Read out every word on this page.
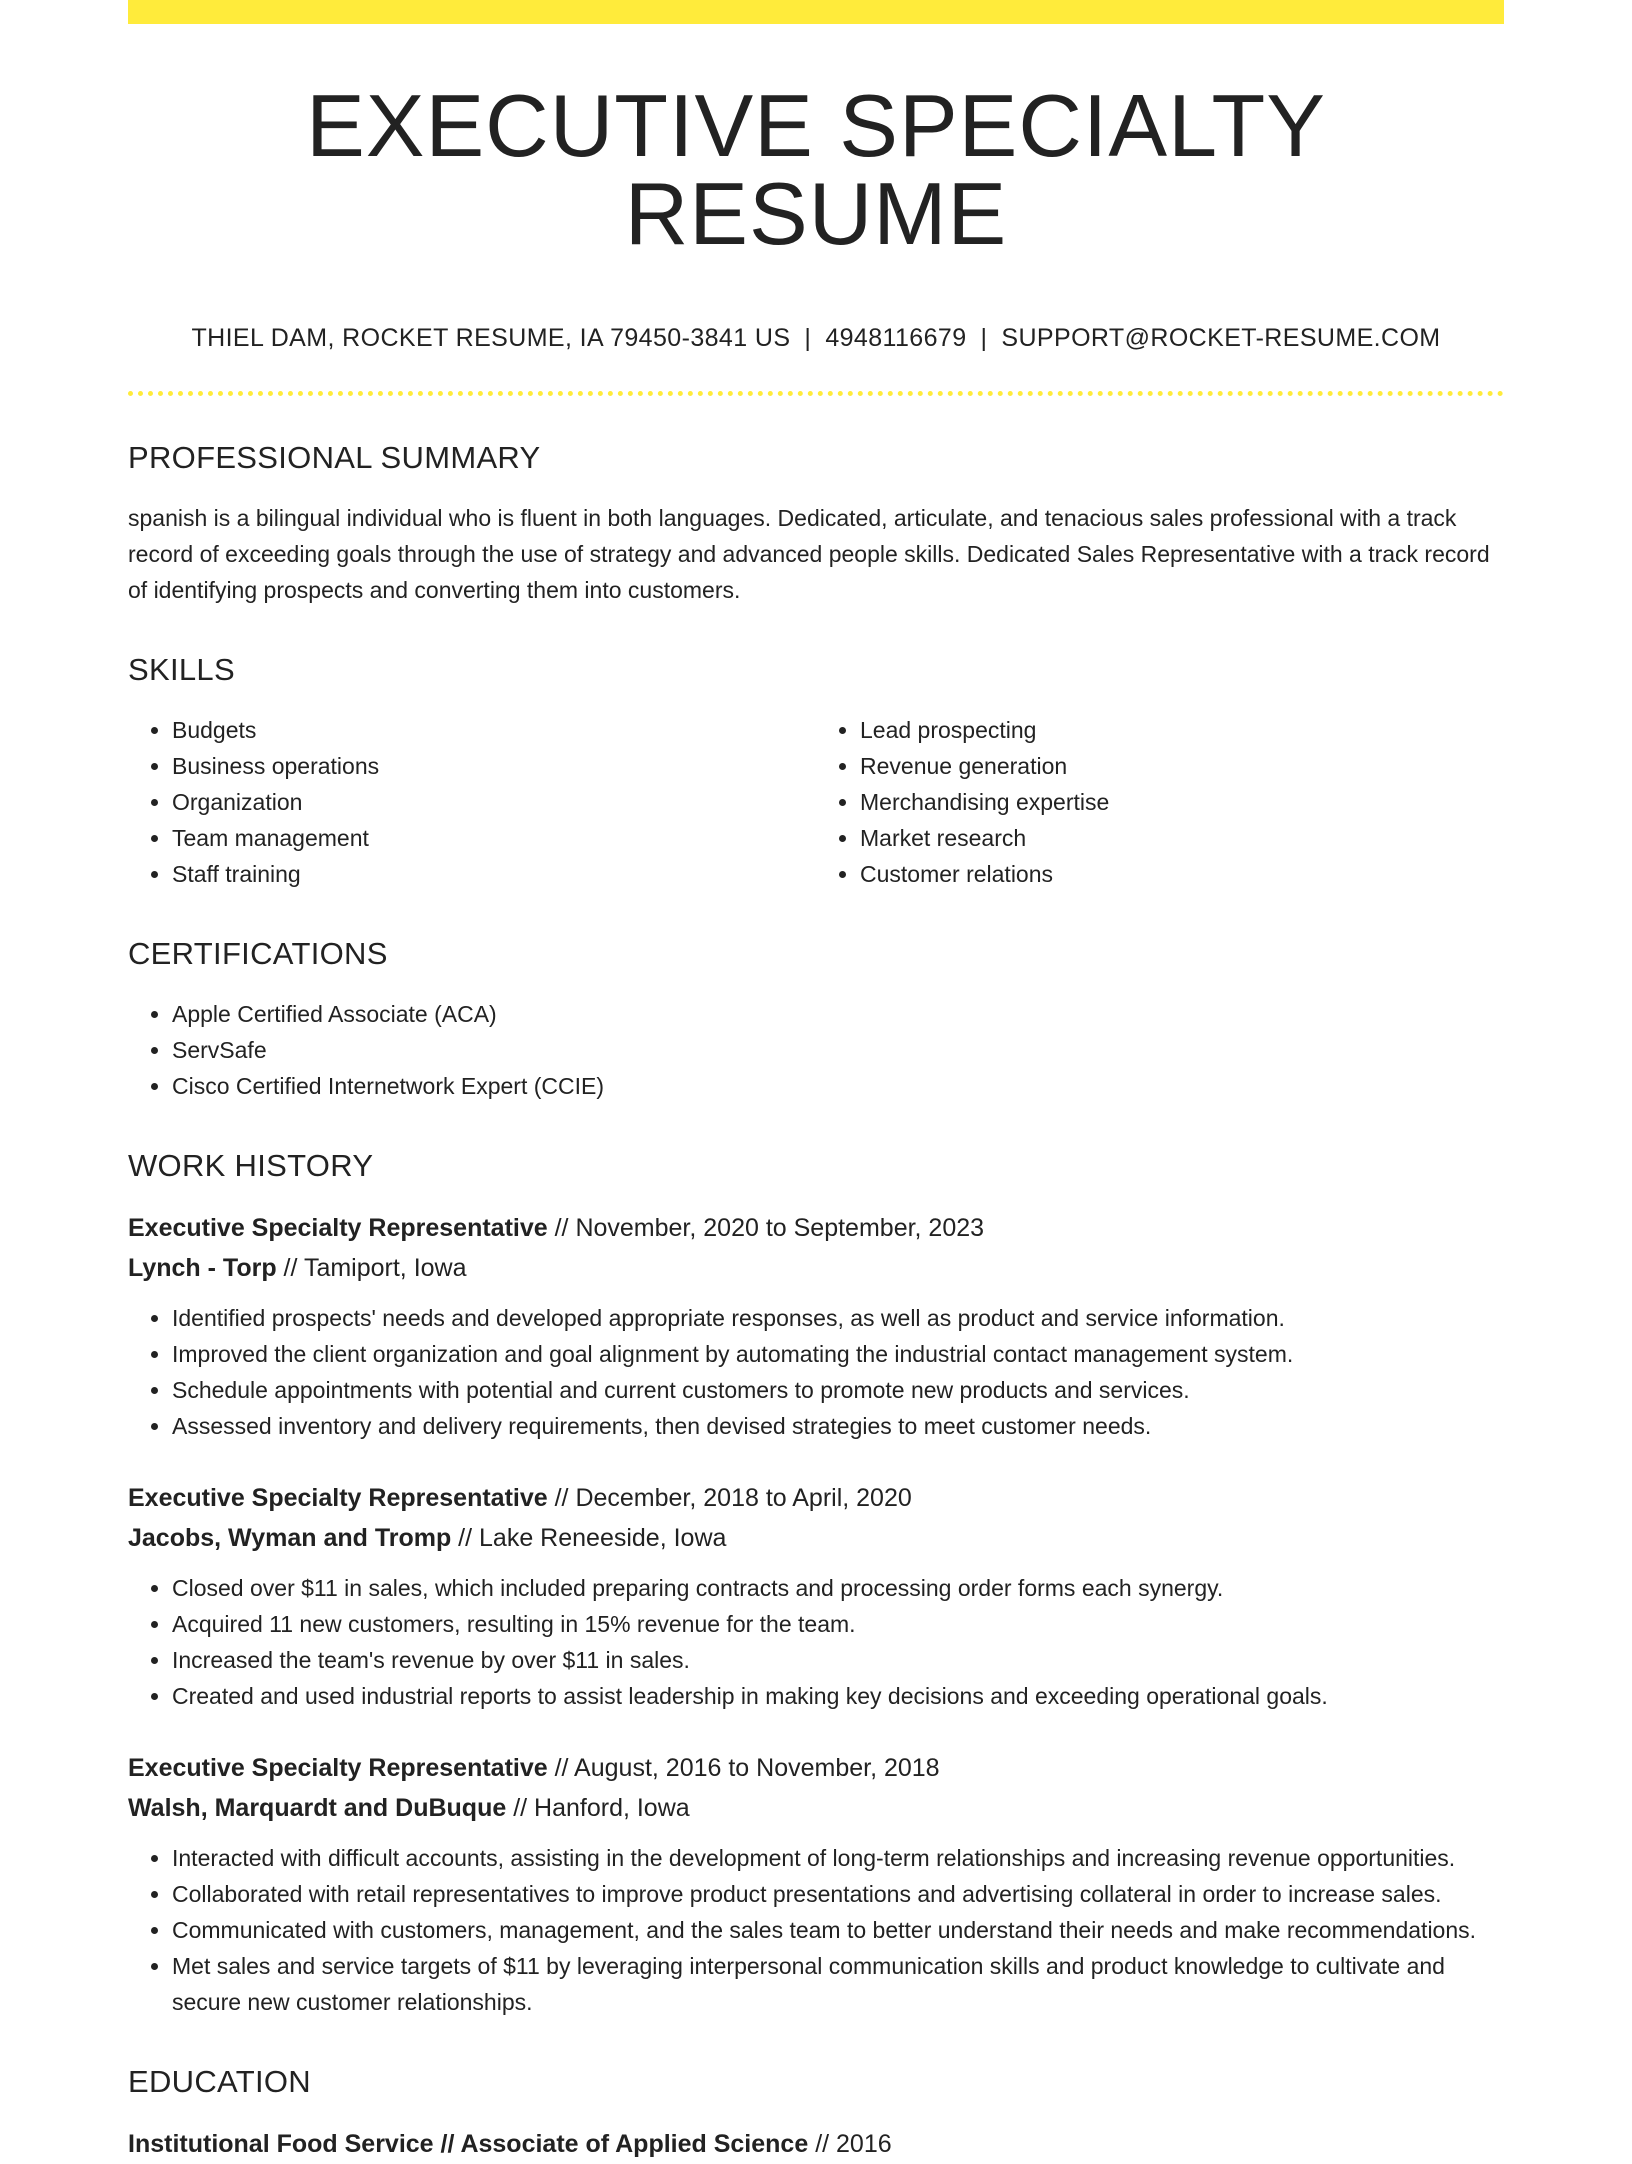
EXECUTIVE SPECIALTY RESUME
THIEL DAM, ROCKET RESUME, IA 79450-3841 US | 4948116679 | SUPPORT@ROCKET-RESUME.COM
PROFESSIONAL SUMMARY

spanish is a bilingual individual who is fluent in both languages. Dedicated, articulate, and tenacious sales professional with a track record of exceeding goals through the use of strategy and advanced people skills. Dedicated Sales Representative with a track record of identifying prospects and converting them into customers.

SKILLS
• Budgets
• Business operations
• Organization
• Team management
• Staff training
• Lead prospecting
• Revenue generation
• Merchandising expertise
• Market research
• Customer relations
CERTIFICATIONS
• Apple Certified Associate (ACA)
• ServSafe
• Cisco Certified Internetwork Expert (CCIE)
WORK HISTORY
Executive Specialty Representative // November, 2020 to September, 2023
Lynch - Torp // Tamiport, Iowa
• Identified prospects' needs and developed appropriate responses, as well as product and service information.
• Improved the client organization and goal alignment by automating the industrial contact management system.
• Schedule appointments with potential and current customers to promote new products and services.
• Assessed inventory and delivery requirements, then devised strategies to meet customer needs.
Executive Specialty Representative // December, 2018 to April, 2020
Jacobs, Wyman and Tromp // Lake Reneeside, Iowa
• Closed over $11 in sales, which included preparing contracts and processing order forms each synergy.
• Acquired 11 new customers, resulting in 15% revenue for the team.
• Increased the team's revenue by over $11 in sales.
• Created and used industrial reports to assist leadership in making key decisions and exceeding operational goals.
Executive Specialty Representative // August, 2016 to November, 2018
Walsh, Marquardt and DuBuque // Hanford, Iowa
• Interacted with difficult accounts, assisting in the development of long-term relationships and increasing revenue opportunities.
• Collaborated with retail representatives to improve product presentations and advertising collateral in order to increase sales.
• Communicated with customers, management, and the sales team to better understand their needs and make recommendations.
• Met sales and service targets of $11 by leveraging interpersonal communication skills and product knowledge to cultivate and secure new customer relationships.
EDUCATION
Institutional Food Service // Associate of Applied Science // 2016
